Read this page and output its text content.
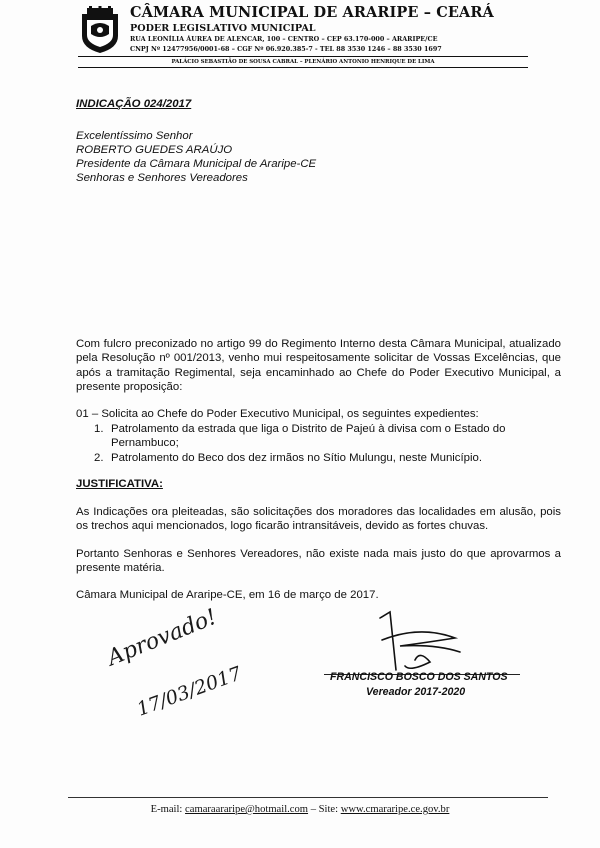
CÂMARA MUNICIPAL DE ARARIPE – CEARÁ
PODER LEGISLATIVO MUNICIPAL
RUA LEONÍLIA ÁUREA DE ALENCAR, 100 – CENTRO – CEP 63.170-000 – ARARIPE/CE
CNPJ Nº 12477956/0001-68 – CGF Nº 06.920.385-7 - TEL 88 3530 1246 – 88 3530 1697
PALÁCIO SEBASTIÃO DE SOUSA CABRAL – PLENÁRIO ANTONIO HENRIQUE DE LIMA
INDICAÇÃO 024/2017
Excelentíssimo Senhor
ROBERTO GUEDES ARAÚJO
Presidente da Câmara Municipal de Araripe-CE
Senhoras e Senhores Vereadores

Com fulcro preconizado no artigo 99 do Regimento Interno desta Câmara Municipal, atualizado pela Resolução nº 001/2013, venho mui respeitosamente solicitar de Vossas Excelências, que após a tramitação Regimental, seja encaminhado ao Chefe do Poder Executivo Municipal, a presente proposição:

01 – Solicita ao Chefe do Poder Executivo Municipal, os seguintes expedientes:
1. Patrolamento da estrada que liga o Distrito de Pajeú à divisa com o Estado do
Pernambuco;
2. Patrolamento do Beco dos dez irmãos no Sítio Mulungu, neste Município.
JUSTIFICATIVA:

As Indicações ora pleiteadas, são solicitações dos moradores das localidades em alusão, pois os trechos aqui mencionados, logo ficarão intransitáveis, devido as fortes chuvas.

Portanto Senhoras e Senhores Vereadores, não existe nada mais justo do que aprovarmos a presente matéria.

Câmara Municipal de Araripe-CE, em 16 de março de 2017.
FRANCISCO BOSCO DOS SANTOS
Vereador 2017-2020
Aprovado!
17/03/2017
E-mail: camaraararipe@hotmail.com – Site: www.cmararipe.ce.gov.br
